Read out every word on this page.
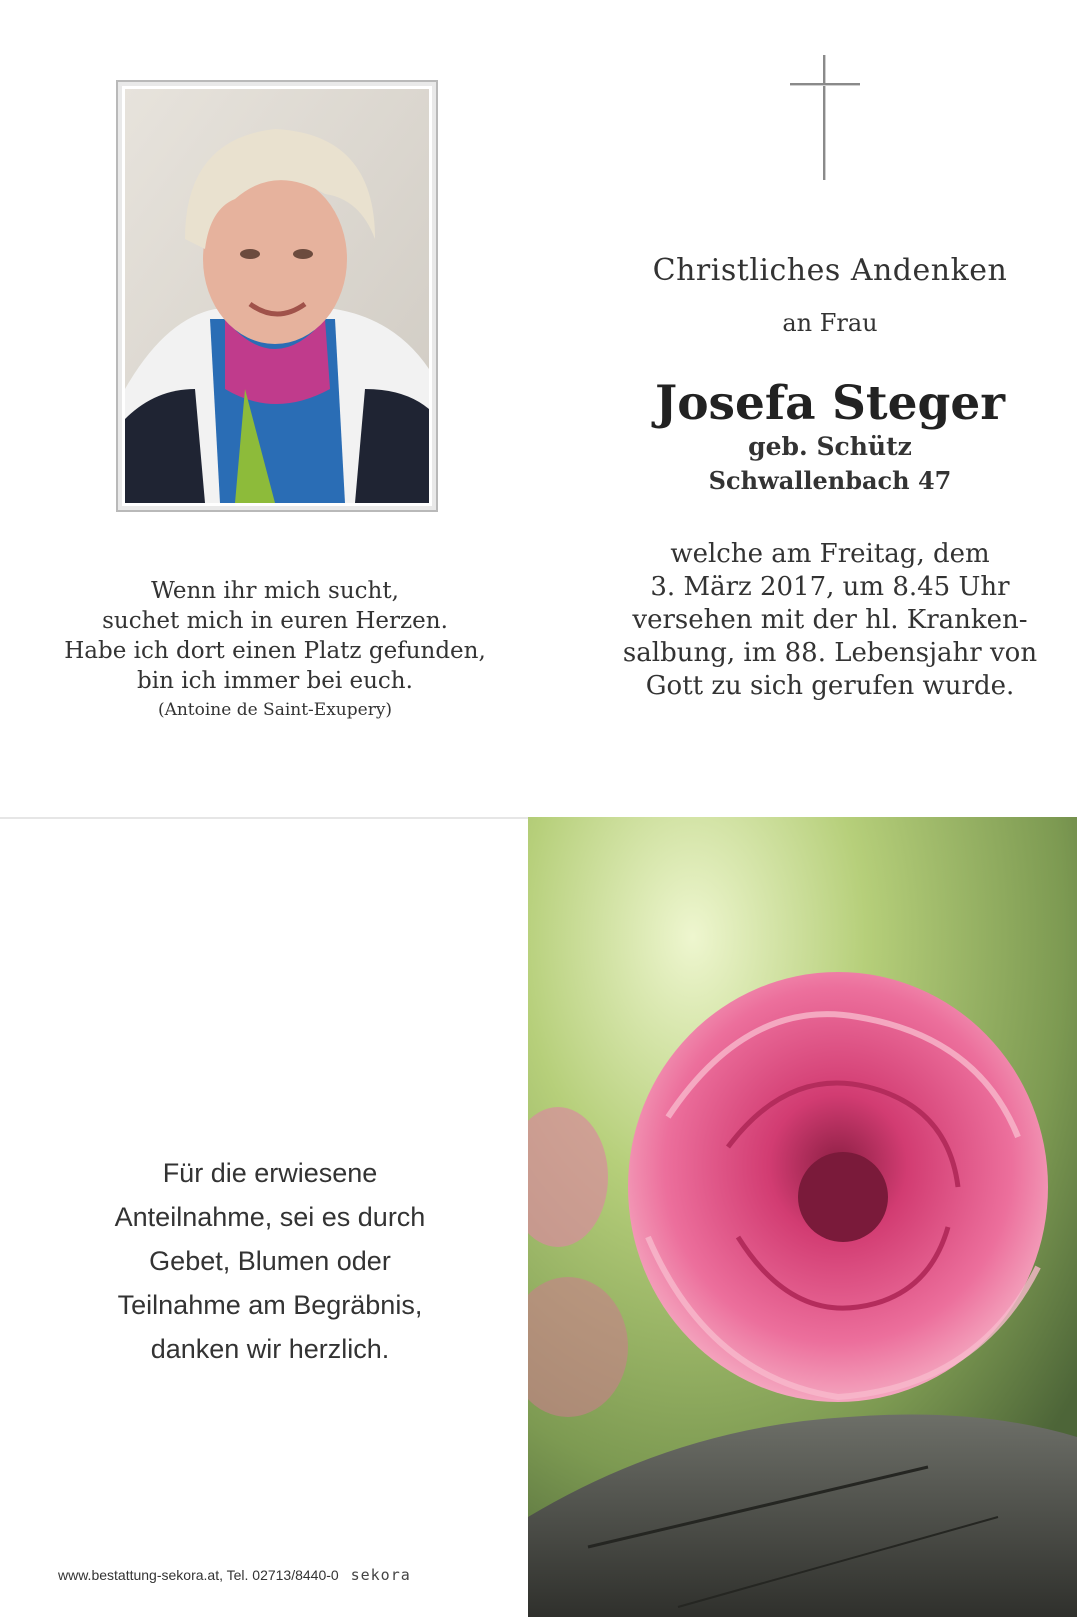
Christliches Andenken
an Frau
Josefa Steger
geb. Schütz
Schwallenbach 47
welche am Freitag, dem
3. März 2017, um 8.45 Uhr
versehen mit der hl. Kranken-
salbung, im 88. Lebensjahr von
Gott zu sich gerufen wurde.
Wenn ihr mich sucht,
suchet mich in euren Herzen.
Habe ich dort einen Platz gefunden,
bin ich immer bei euch.
(Antoine de Saint-Exupery)
Für die erwiesene
Anteilnahme, sei es durch
Gebet, Blumen oder
Teilnahme am Begräbnis,
danken wir herzlich.
www.bestattung-sekora.at, Tel. 02713/8440-0 sekora
